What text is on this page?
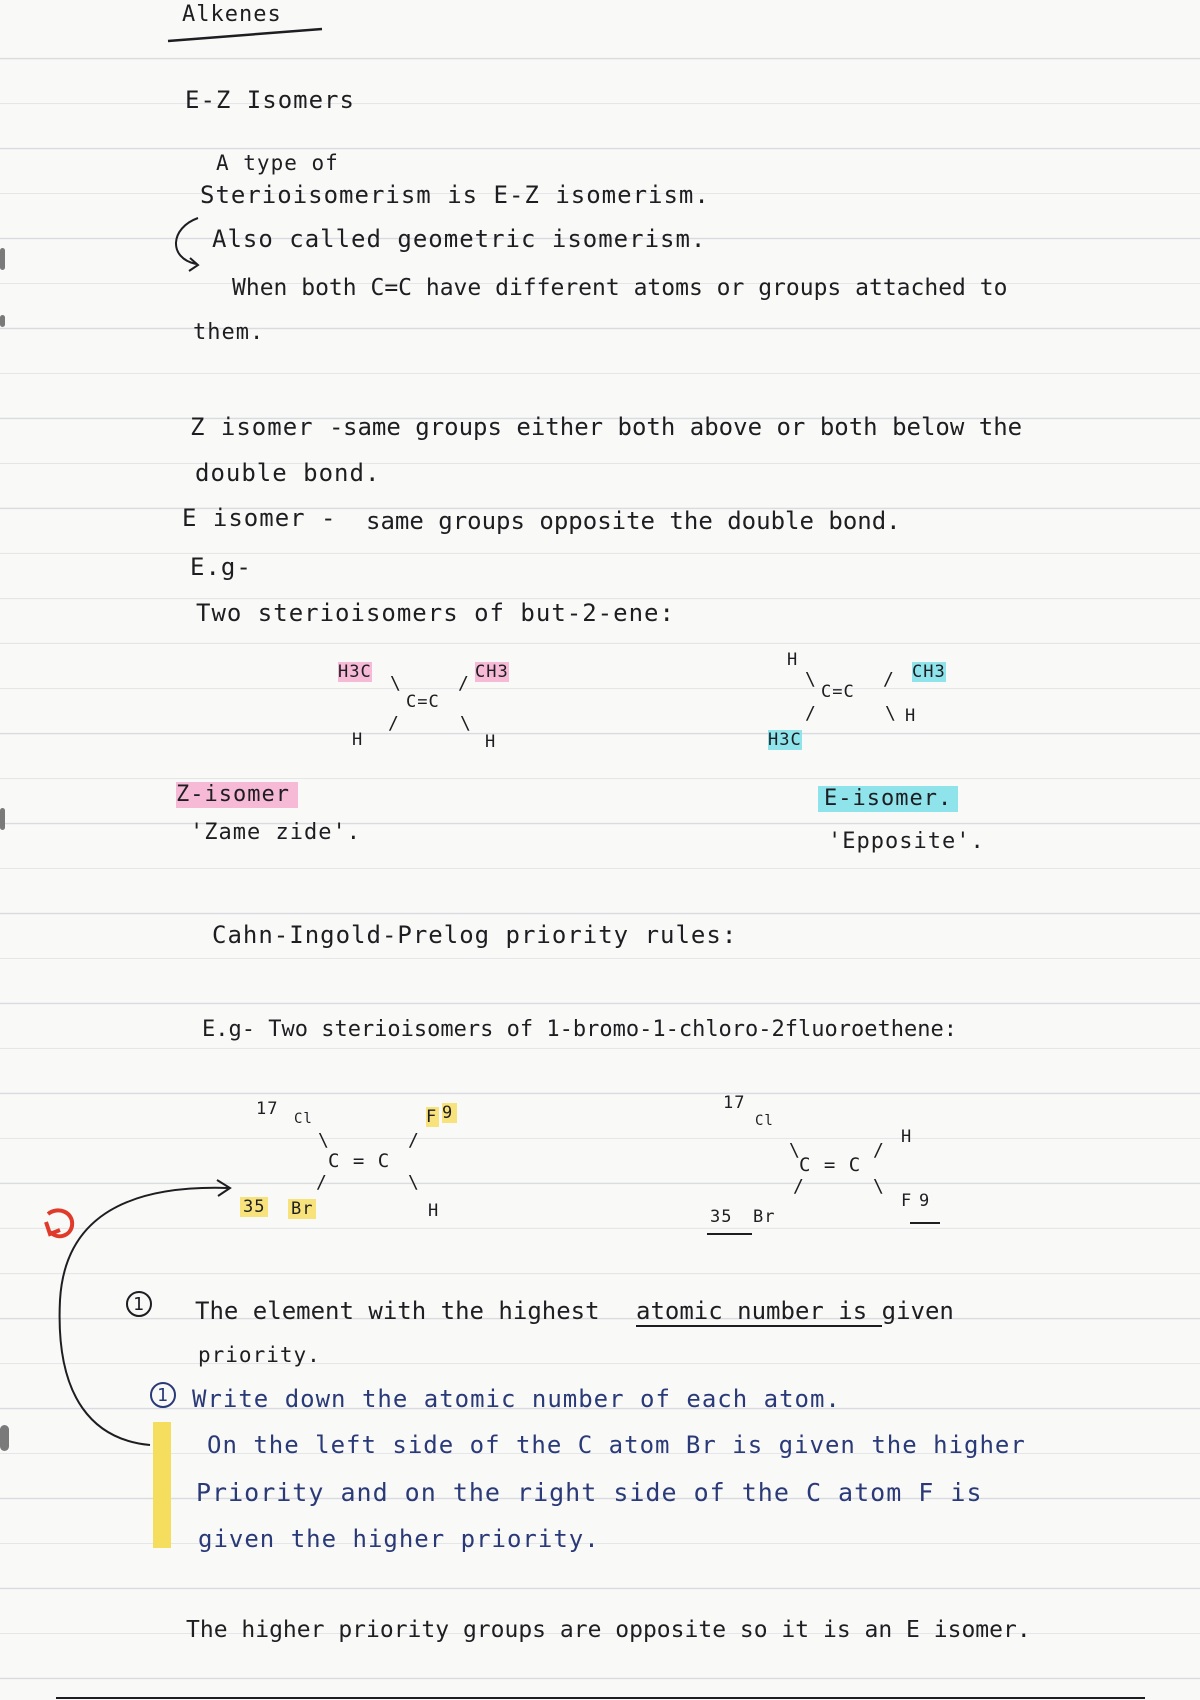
Alkenes
E-Z Isomers
A type of
Sterioisomerism is E-Z isomerism.
Also called geometric isomerism.
When both C=C have different atoms or groups attached to
them.
Z isomer -
same groups either both above or both below the
double bond.
E isomer - same groups opposite the double bond.
E.g-
Two sterioisomers of but-2-ene:
H3C	CH3
\	/
C=C
/	\
H	H
H
CH3
\	/
C=C
/	\ H
H3C
Z-isomer
'Zame zide'.
E-isomer.
'Epposite'.
Cahn-Ingold-Prelog priority rules:
E.g- Two sterioisomers of 1-bromo-1-chloro-2fluoroethene:
17 Cl	F 9
\	/
C = C
/	\
35 Br	H
17
Cl
H
\	/
C = C
/	\
F 9
35 Br
1 The element with the highest atomic number is given
priority.
1 Write down the atomic number of each atom.
On the left side of the C atom Br is given the higher
Priority and on the right side of the C atom F is
given the higher priority.
The higher priority groups are opposite so it is an E isomer.
